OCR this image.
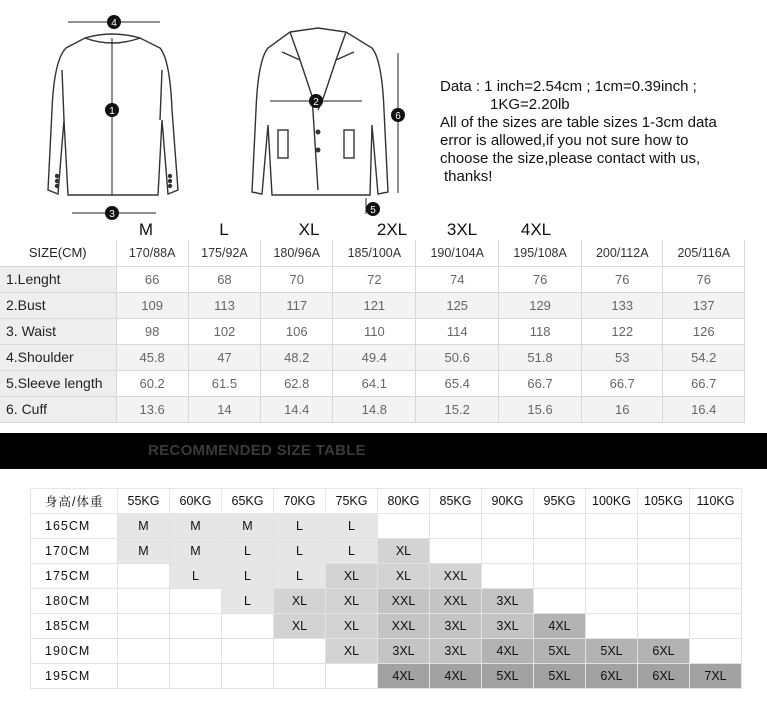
4
1
3
2
6
5
Data : 1 inch=2.54cm ; 1cm=0.39inch ;
1KG=2.20lb
All of the sizes are table sizes 1-3cm data
error is allowed,if you not sure how to
choose the size,please contact with us,
thanks!
M	L	XL	2XL 3XL	4XL
SIZE(CM)	170/88A	175/92A	180/96A	185/100A	190/104A	195/108A	200/112A	205/116A
1.Lenght	66	68	70	72	74	76	76	76
2.Bust	109	113	117	121	125	129	133	137
3. Waist	98	102	106	110	114	118	122	126
4.Shoulder	45.8	47	48.2	49.4	50.6	51.8	53	54.2
5.Sleeve length	60.2	61.5	62.8	64.1	65.4	66.7	66.7	66.7
6. Cuff	13.6	14	14.4	14.8	15.2	15.6	16	16.4
RECOMMENDED SIZE TABLE
身高/体重	55KG	60KG	65KG	70KG	75KG	80KG	85KG	90KG	95KG	100KG	105KG	110KG
165CM	M	M	M	L	L							
170CM	M	M	L	L	L	XL						
175CM		L	L	L	XL	XL	XXL					
180CM			L	XL	XL	XXL	XXL	3XL				
185CM				XL	XL	XXL	3XL	3XL	4XL			
190CM					XL	3XL	3XL	4XL	5XL	5XL	6XL	
195CM						4XL	4XL	5XL	5XL	6XL	6XL	7XL
